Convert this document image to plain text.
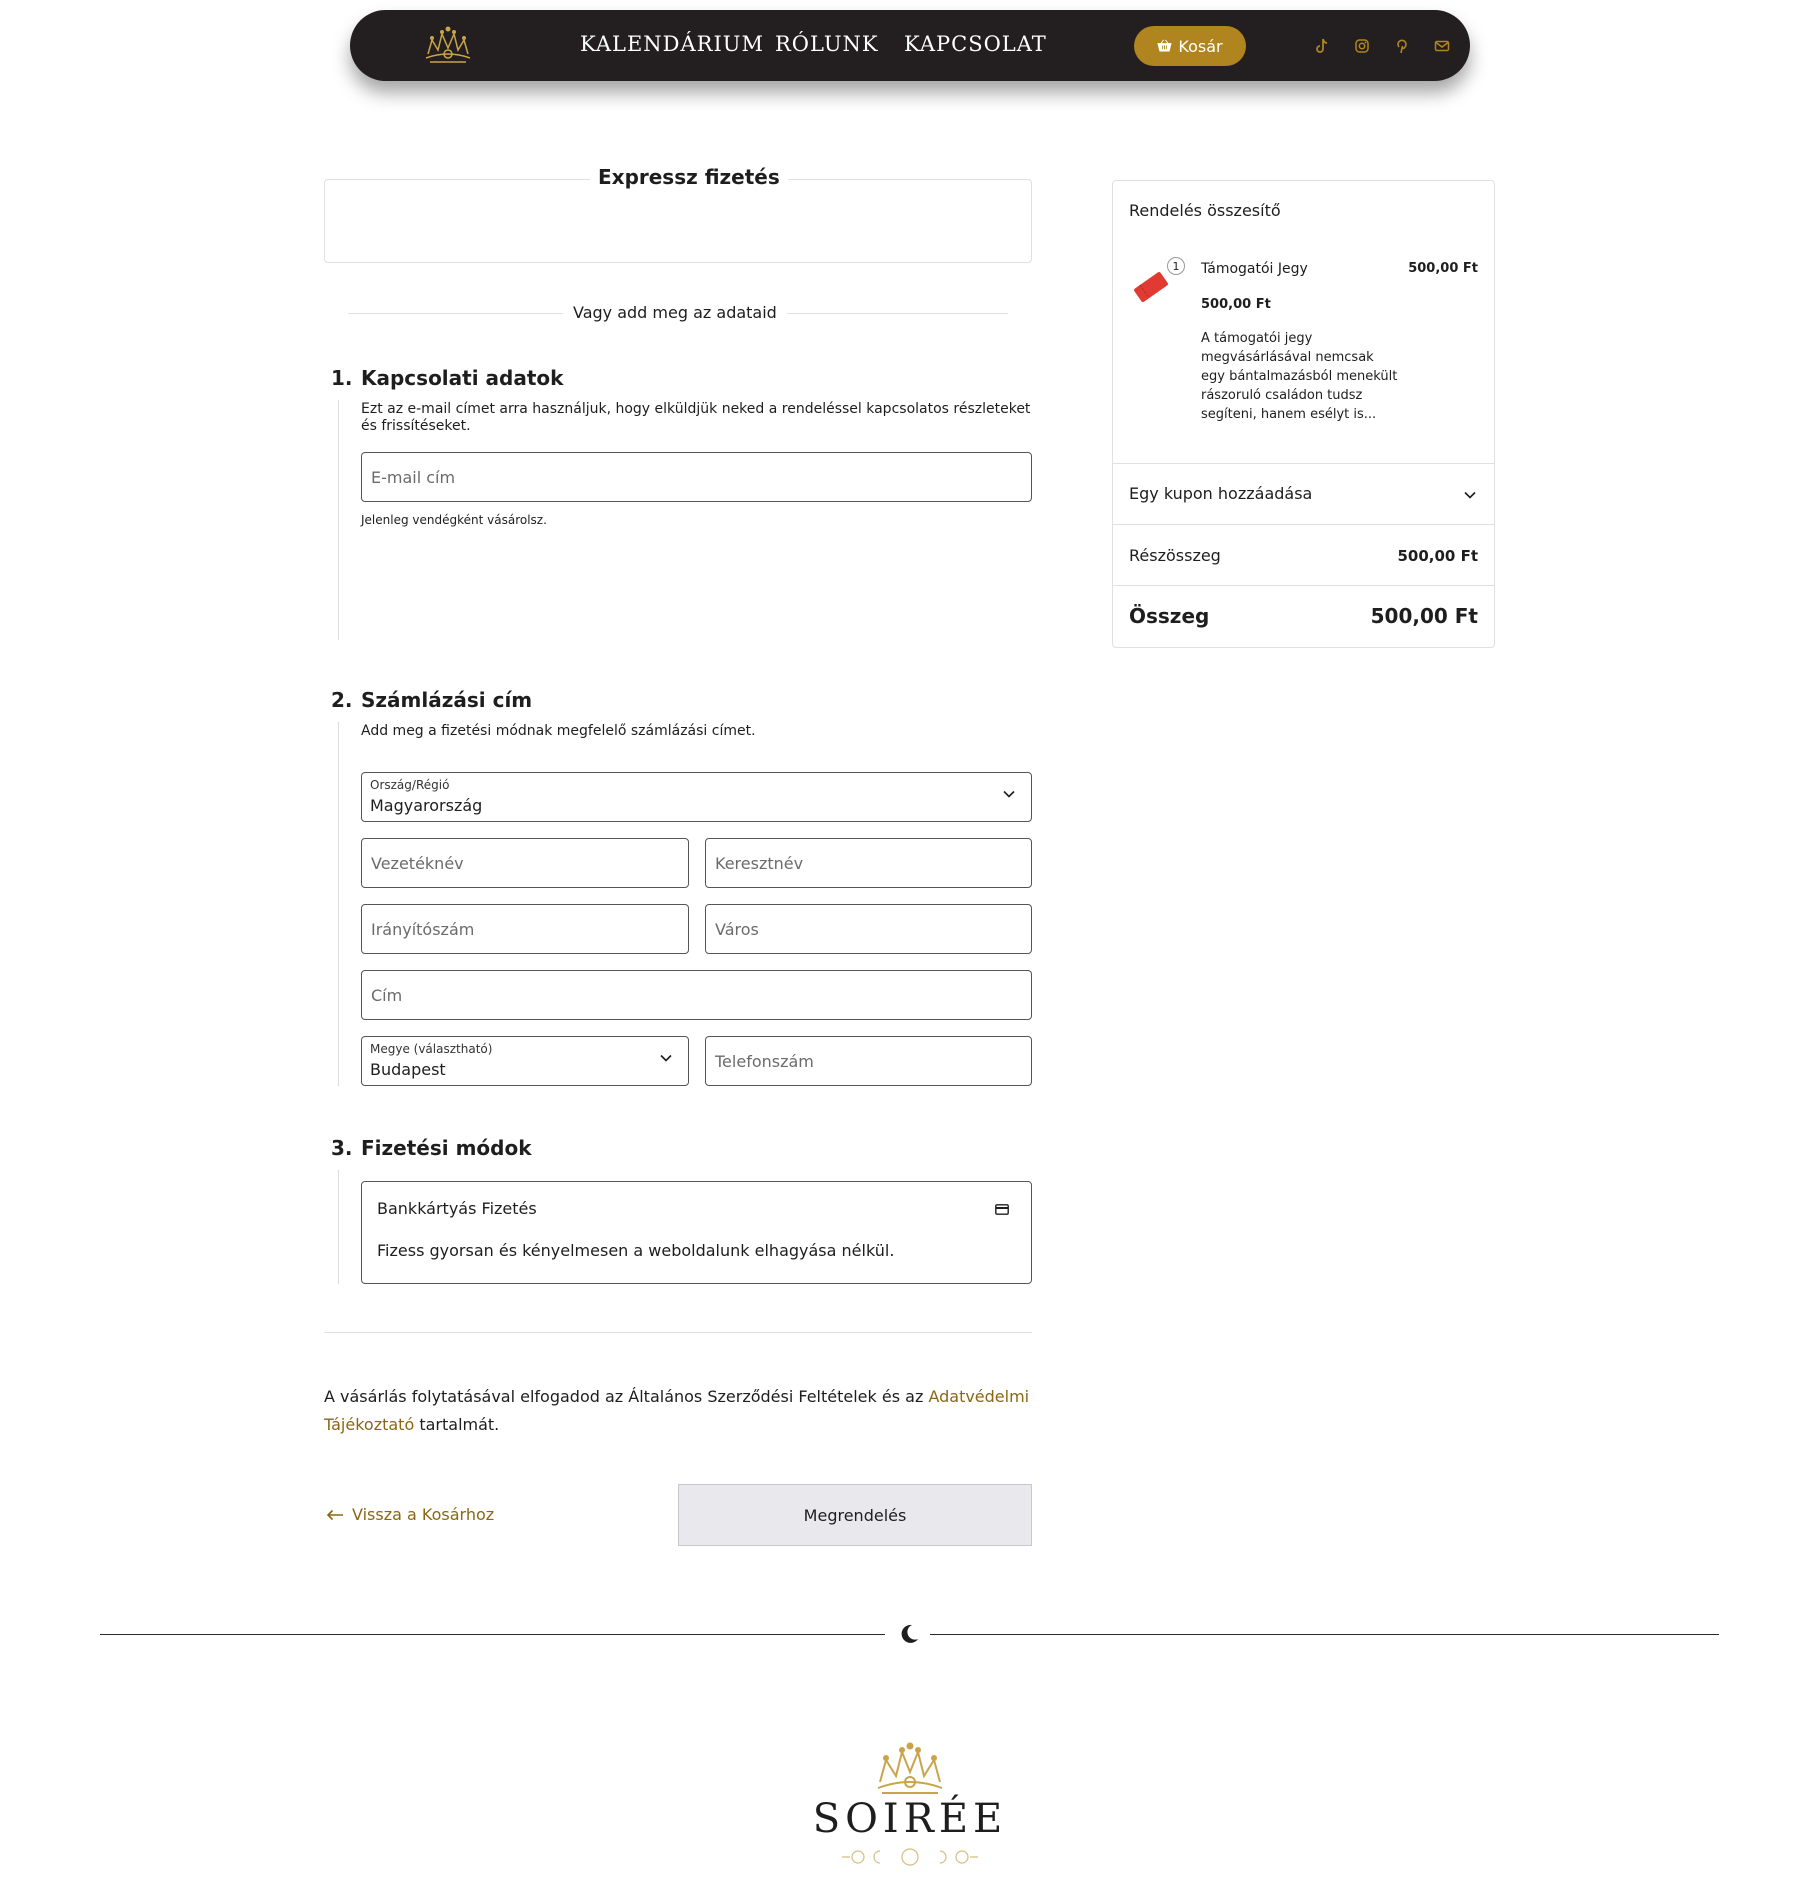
KALENDÁRIUM RÓLUNK KAPCSOLAT	Kosár
Expressz fizetés
Vagy add meg az adataid
1. Kapcsolati adatok
Ezt az e-mail címet arra használjuk, hogy elküldjük neked a rendeléssel kapcsolatos részleteket és frissítéseket.
E-mail cím
Jelenleg vendégként vásárolsz.
2. Számlázási cím
Add meg a fizetési módnak megfelelő számlázási címet.
Ország/Régió
Magyarország
Vezetéknév	Keresztnév
Irányítószám	Város
Cím
Megye (választható)
Budapest	Telefonszám
3. Fizetési módok
Bankkártyás Fizetés
Fizess gyorsan és kényelmesen a weboldalunk elhagyása nélkül.
A vásárlás folytatásával elfogadod az Általános Szerződési Feltételek és az Adatvédelmi Tájékoztató tartalmát.
Vissza a Kosárhoz	Megrendelés
Rendelés összesítő
1	Támogatói Jegy	500,00 Ft
500,00 Ft
A támogatói jegy megvásárlásával nemcsak egy bántalmazásból menekült rászoruló családon tudsz segíteni, hanem esélyt is...
Egy kupon hozzáadása
Részösszeg	500,00 Ft
Összeg	500,00 Ft
SOIRÉE
